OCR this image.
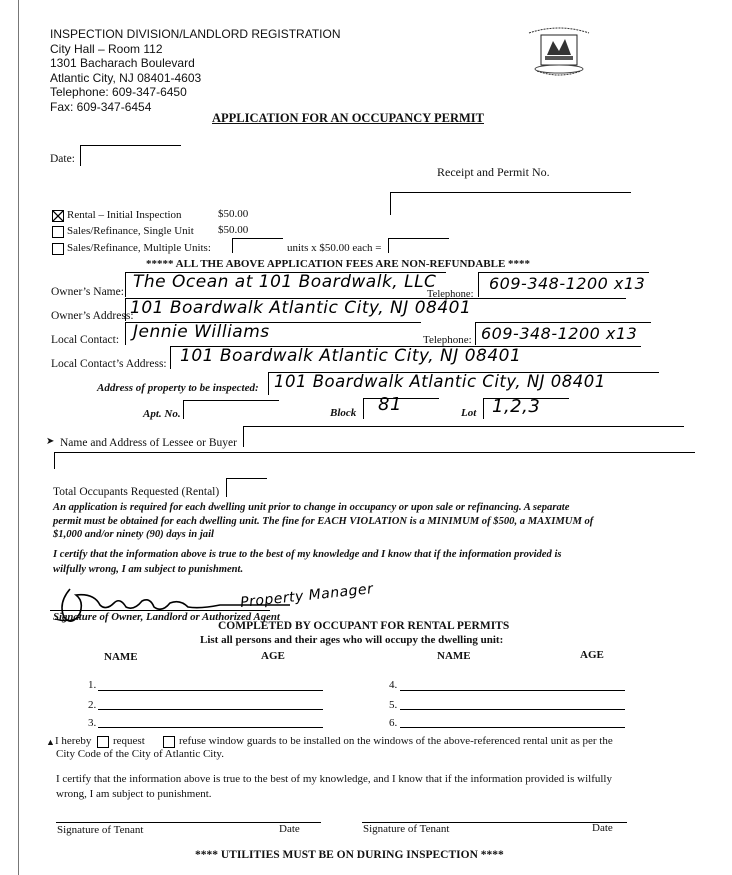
INSPECTION DIVISION/LANDLORD REGISTRATION
City Hall – Room 112
1301 Bacharach Boulevard
Atlantic City, NJ 08401-4603
Telephone: 609-347-6450
Fax: 609-347-6454
APPLICATION FOR AN OCCUPANCY PERMIT
Date:
Receipt and Permit No.
Rental – Initial Inspection	$50.00
Sales/Refinance, Single Unit $50.00
Sales/Refinance, Multiple Units:	units x $50.00 each =
***** ALL THE ABOVE APPLICATION FEES ARE NON-REFUNDABLE ****
Owner’s Name: The Ocean at 101 Boardwalk, LLC
Telephone:
609-348-1200 x13
Owner’s Address:
101 Boardwalk Atlantic City, NJ 08401
Local Contact: Jennie Williams	Telephone: 609-348-1200 x13
Local Contact’s Address: 101 Boardwalk Atlantic City, NJ 08401
Address of property to be inspected: 101 Boardwalk Atlantic City, NJ 08401
Apt. No.	Block 81	Lot 1,2,3
➤ Name and Address of Lessee or Buyer
Total Occupants Requested (Rental)
An application is required for each dwelling unit prior to change in occupancy or upon sale or refinancing. A separate
permit must be obtained for each dwelling unit. The fine for EACH VIOLATION is a MINIMUM of $500, a MAXIMUM of
$1,000 and/or ninety (90) days in jail
I certify that the information above is true to the best of my knowledge and I know that if the information provided is
wilfully wrong, I am subject to punishment.
Property Manager
Signature of Owner, Landlord or Authorized Agent
COMPLETED BY OCCUPANT FOR RENTAL PERMITS
List all persons and their ages who will occupy the dwelling unit:
NAME	AGE	NAME	AGE
1.
2.
3.
4.
5.
6.
▲ I hereby request	refuse window guards to be installed on the windows of the above-referenced rental unit as per the
City Code of the City of Atlantic City.
I certify that the information above is true to the best of my knowledge, and I know that if the information provided is wilfully
wrong, I am subject to punishment.
Signature of Tenant	Date	Signature of Tenant	Date
**** UTILITIES MUST BE ON DURING INSPECTION ****
